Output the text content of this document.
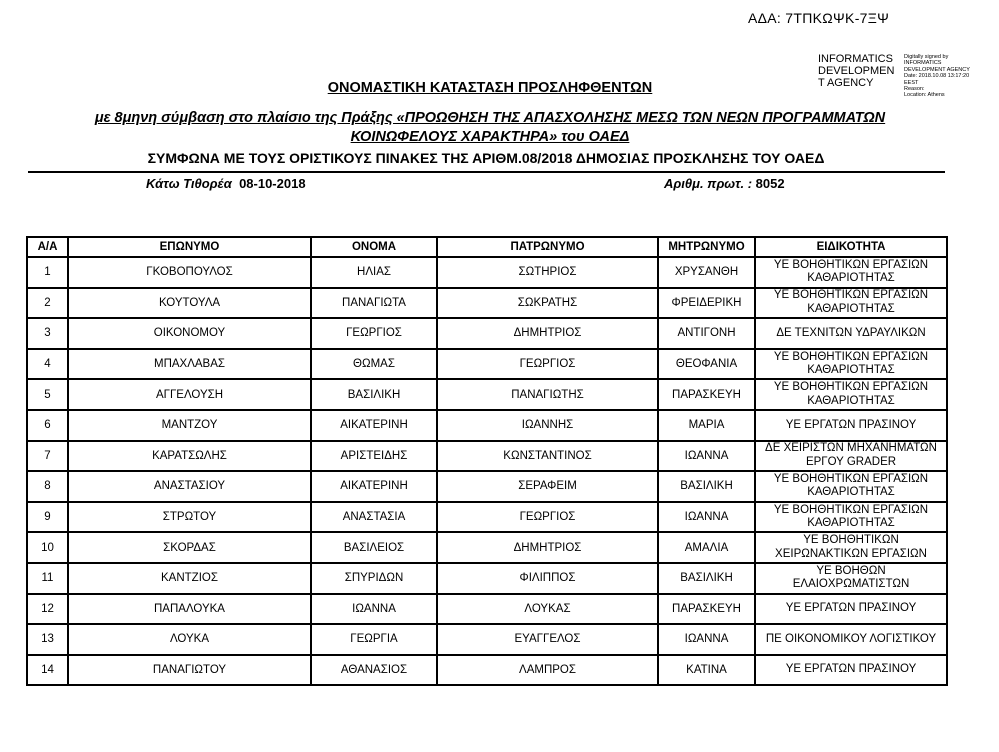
ΑΔΑ: 7ΤΠΚΩΨΚ-7ΞΨ
INFORMATICS
DEVELOPMEN
T AGENCY
Digitally signed by
INFORMATICS
DEVELOPMENT AGENCY
Date: 2018.10.08 13:17:20
EEST
Reason:
Location: Athens
ΟΝΟΜΑΣΤΙΚΗ ΚΑΤΑΣΤΑΣΗ ΠΡΟΣΛΗΦΘΕΝΤΩΝ
με 8μηνη σύμβαση στο πλαίσιο της Πράξης «ΠΡΟΩΘΗΣΗ ΤΗΣ ΑΠΑΣΧΟΛΗΣΗΣ ΜΕΣΩ ΤΩΝ ΝΕΩΝ ΠΡΟΓΡΑΜΜΑΤΩΝ
ΚΟΙΝΩΦΕΛΟΥΣ ΧΑΡΑΚΤΗΡΑ» του ΟΑΕΔ
ΣΥΜΦΩΝΑ ΜΕ ΤΟΥΣ ΟΡΙΣΤΙΚΟΥΣ ΠΙΝΑΚΕΣ ΤΗΣ ΑΡΙΘΜ.08/2018 ΔΗΜΟΣΙΑΣ ΠΡΟΣΚΛΗΣΗΣ ΤΟΥ ΟΑΕΔ
Κάτω Τιθορέα 08-10-2018	Αριθμ. πρωτ. : 8052
Α/Α	ΕΠΩΝΥΜΟ	ΟΝΟΜΑ	ΠΑΤΡΩΝΥΜΟ	ΜΗΤΡΩΝΥΜΟ	ΕΙΔΙΚΟΤΗΤΑ
1	ΓΚΟΒΟΠΟΥΛΟΣ	ΗΛΙΑΣ	ΣΩΤΗΡΙΟΣ	ΧΡΥΣΑΝΘΗ	ΥΕ ΒΟΗΘΗΤΙΚΩΝ ΕΡΓΑΣΙΩΝ ΚΑΘΑΡΙΟΤΗΤΑΣ
2	ΚΟΥΤΟΥΛΑ	ΠΑΝΑΓΙΩΤΑ	ΣΩΚΡΑΤΗΣ	ΦΡΕΙΔΕΡΙΚΗ	ΥΕ ΒΟΗΘΗΤΙΚΩΝ ΕΡΓΑΣΙΩΝ ΚΑΘΑΡΙΟΤΗΤΑΣ
3	ΟΙΚΟΝΟΜΟΥ	ΓΕΩΡΓΙΟΣ	ΔΗΜΗΤΡΙΟΣ	ΑΝΤΙΓΟΝΗ	ΔΕ ΤΕΧΝΙΤΩΝ ΥΔΡΑΥΛΙΚΩΝ
4	ΜΠΑΧΛΑΒΑΣ	ΘΩΜΑΣ	ΓΕΩΡΓΙΟΣ	ΘΕΟΦΑΝΙΑ	ΥΕ ΒΟΗΘΗΤΙΚΩΝ ΕΡΓΑΣΙΩΝ ΚΑΘΑΡΙΟΤΗΤΑΣ
5	ΑΓΓΕΛΟΥΣΗ	ΒΑΣΙΛΙΚΗ	ΠΑΝΑΓΙΩΤΗΣ	ΠΑΡΑΣΚΕΥΗ	ΥΕ ΒΟΗΘΗΤΙΚΩΝ ΕΡΓΑΣΙΩΝ ΚΑΘΑΡΙΟΤΗΤΑΣ
6	ΜΑΝΤΖΟΥ	ΑΙΚΑΤΕΡΙΝΗ	ΙΩΑΝΝΗΣ	ΜΑΡΙΑ	ΥΕ ΕΡΓΑΤΩΝ ΠΡΑΣΙΝΟΥ
7	ΚΑΡΑΤΣΩΛΗΣ	ΑΡΙΣΤΕΙΔΗΣ	ΚΩΝΣΤΑΝΤΙΝΟΣ	ΙΩΑΝΝΑ	ΔΕ ΧΕΙΡΙΣΤΩΝ ΜΗΧΑΝΗΜΑΤΩΝ ΕΡΓΟΥ GRADER
8	ΑΝΑΣΤΑΣΙΟΥ	ΑΙΚΑΤΕΡΙΝΗ	ΣΕΡΑΦΕΙΜ	ΒΑΣΙΛΙΚΗ	ΥΕ ΒΟΗΘΗΤΙΚΩΝ ΕΡΓΑΣΙΩΝ ΚΑΘΑΡΙΟΤΗΤΑΣ
9	ΣΤΡΩΤΟΥ	ΑΝΑΣΤΑΣΙΑ	ΓΕΩΡΓΙΟΣ	ΙΩΑΝΝΑ	ΥΕ ΒΟΗΘΗΤΙΚΩΝ ΕΡΓΑΣΙΩΝ ΚΑΘΑΡΙΟΤΗΤΑΣ
10	ΣΚΟΡΔΑΣ	ΒΑΣΙΛΕΙΟΣ	ΔΗΜΗΤΡΙΟΣ	ΑΜΑΛΙΑ	ΥΕ ΒΟΗΘΗΤΙΚΩΝ ΧΕΙΡΩΝΑΚΤΙΚΩΝ ΕΡΓΑΣΙΩΝ
11	ΚΑΝΤΖΙΟΣ	ΣΠΥΡΙΔΩΝ	ΦΙΛΙΠΠΟΣ	ΒΑΣΙΛΙΚΗ	ΥΕ ΒΟΗΘΩΝ ΕΛΑΙΟΧΡΩΜΑΤΙΣΤΩΝ
12	ΠΑΠΑΛΟΥΚΑ	ΙΩΑΝΝΑ	ΛΟΥΚΑΣ	ΠΑΡΑΣΚΕΥΗ	ΥΕ ΕΡΓΑΤΩΝ ΠΡΑΣΙΝΟΥ
13	ΛΟΥΚΑ	ΓΕΩΡΓΙΑ	ΕΥΑΓΓΕΛΟΣ	ΙΩΑΝΝΑ	ΠΕ ΟΙΚΟΝΟΜΙΚΟΥ ΛΟΓΙΣΤΙΚΟΥ
14	ΠΑΝΑΓΙΩΤΟΥ	ΑΘΑΝΑΣΙΟΣ	ΛΑΜΠΡΟΣ	ΚΑΤΙΝΑ	ΥΕ ΕΡΓΑΤΩΝ ΠΡΑΣΙΝΟΥ
